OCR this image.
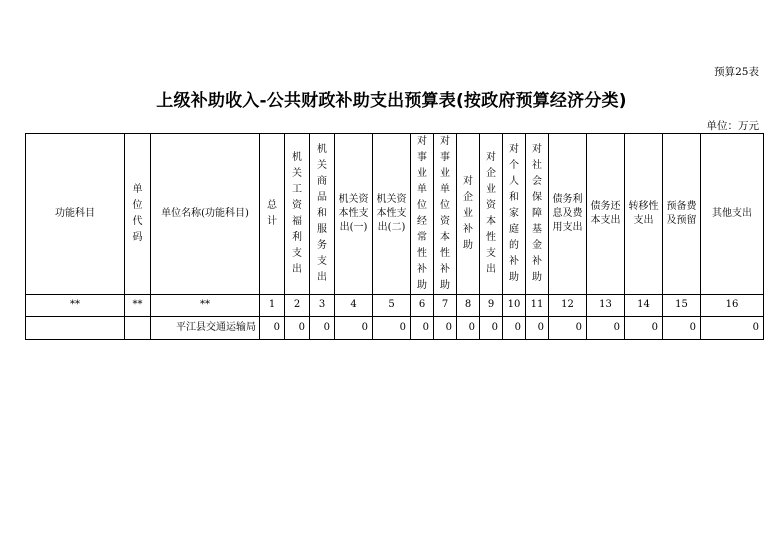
预算25表
上级补助收入-公共财政补助支出预算表(按政府预算经济分类)
单位：万元
功能科目	单位代码	单位名称(功能科目)	总计	机关工资福利支出	机关商品和服务支出	机关资本性支出(一)	机关资本性支出(二)	对事业单位经常性补助	对事业单位资本性补助	对企业补助	对企业资本性支出	对个人和家庭的补助	对社会保障基金补助	债务利息及费用支出	债务还本支出	转移性支出	预备费及预留	其他支出
**	**	**	1	2	3	4	5	6	7	8	9	10	11	12	13	14	15	16
		平江县交通运输局	0	0	0	0	0	0	0	0	0	0	0	0	0	0	0	0
